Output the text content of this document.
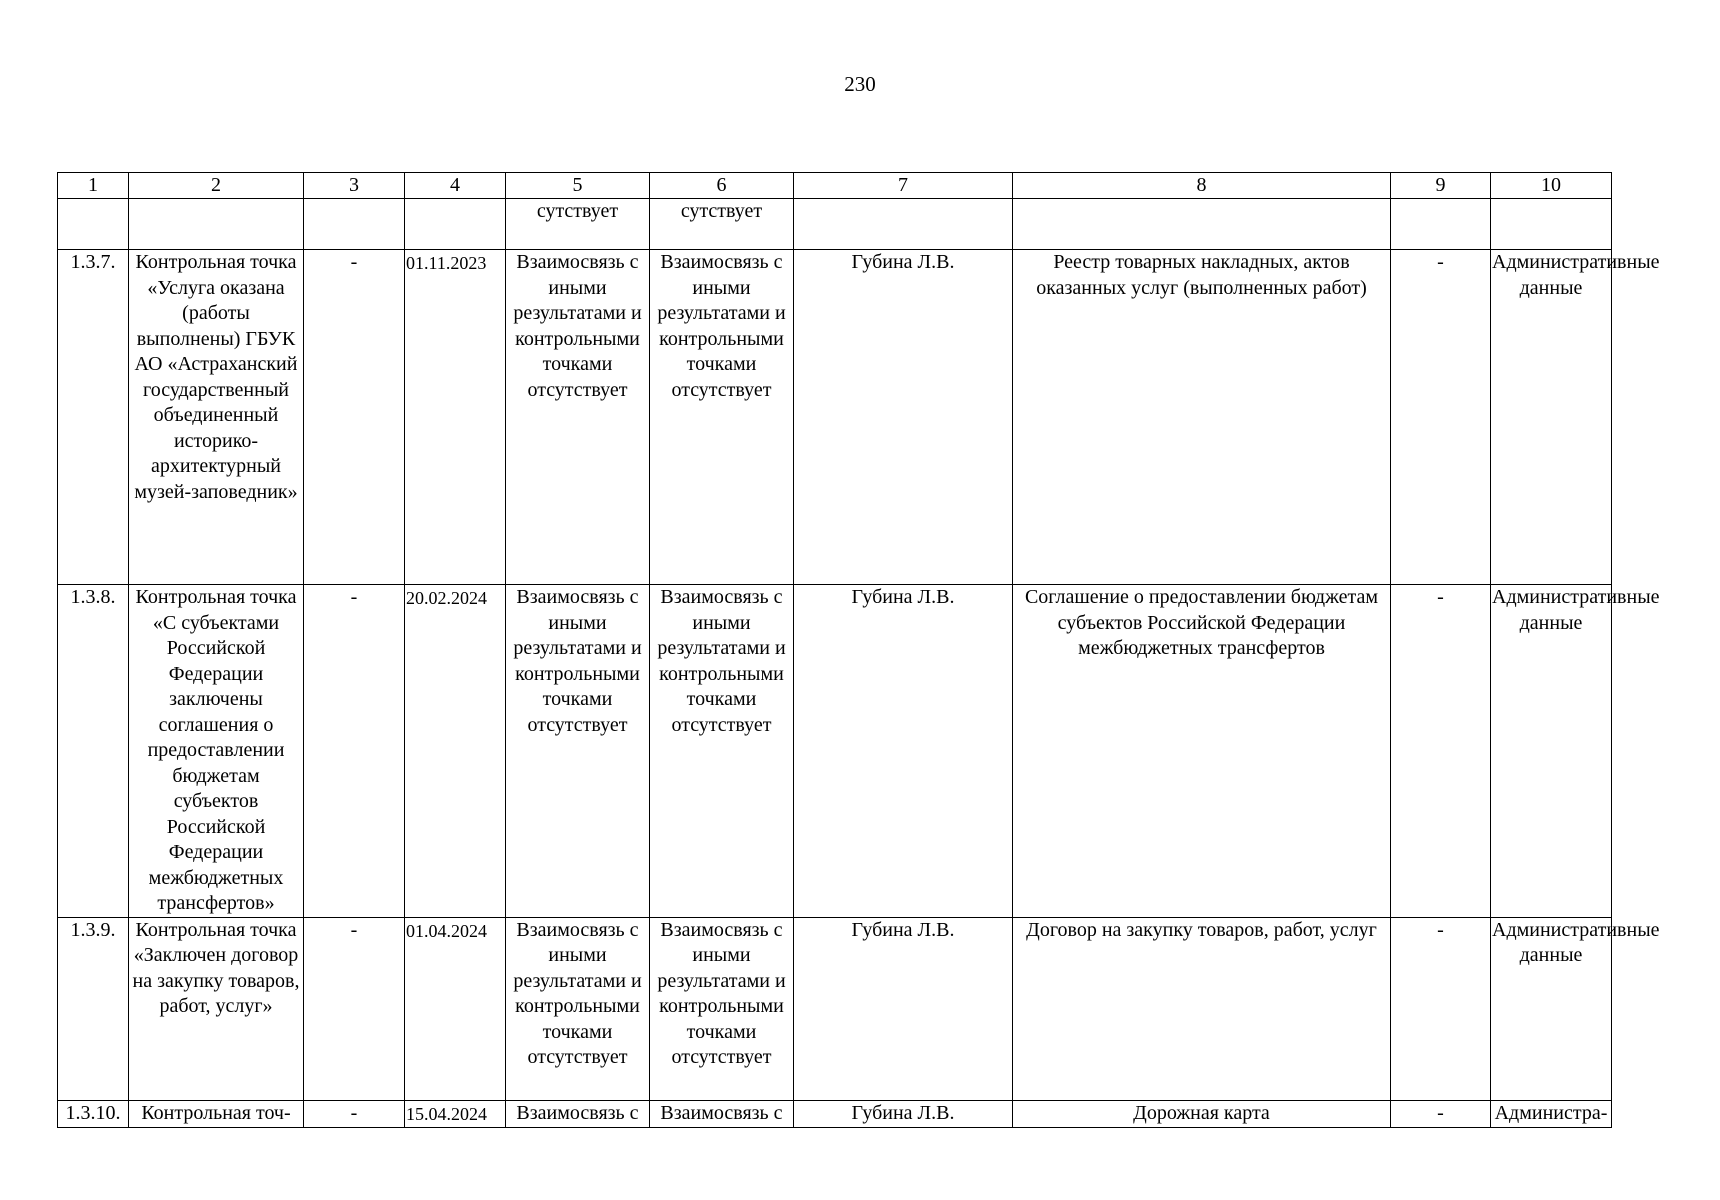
230
1	2	3	4	5	6	7	8	9	10
				сутствует	сутствует				
1.3.7.	Контрольная точка «Услуга оказана (работы выполнены) ГБУК АО «Астраханский государственный объединенный историко-архитектурный музей-заповедник»	-	01.11.2023	Взаимосвязь с иными результатами и контрольными точками отсутствует	Взаимосвязь с иными результатами и контрольными точками отсутствует	Губина Л.В.	Реестр товарных накладных, актов оказанных услуг (выполненных работ)	-	Административные данные
1.3.8.	Контрольная точка «С субъектами Российской Федерации заключены соглашения о предоставлении бюджетам субъектов Российской Федерации межбюджетных трансфертов»	-	20.02.2024	Взаимосвязь с иными результатами и контрольными точками отсутствует	Взаимосвязь с иными результатами и контрольными точками отсутствует	Губина Л.В.	Соглашение о предоставлении бюджетам субъектов Российской Федерации межбюджетных трансфертов	-	Административные данные
1.3.9.	Контрольная точка «Заключен договор на закупку товаров, работ, услуг»	-	01.04.2024	Взаимосвязь с иными результатами и контрольными точками отсутствует	Взаимосвязь с иными результатами и контрольными точками отсутствует	Губина Л.В.	Договор на закупку товаров, работ, услуг	-	Административные данные
1.3.10.	Контрольная точ-	-	15.04.2024	Взаимосвязь с	Взаимосвязь с	Губина Л.В.	Дорожная карта	-	Администра-
